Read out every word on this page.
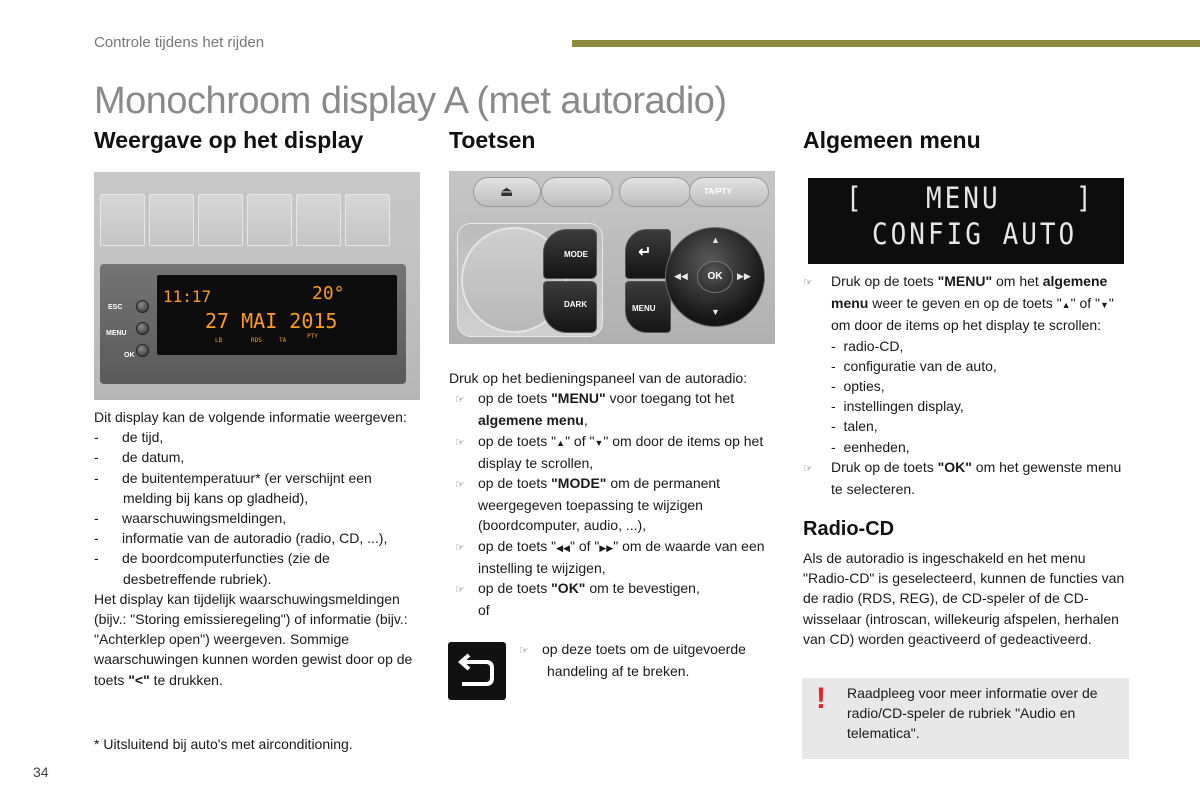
Controle tijdens het rijden
Monochroom display A (met autoradio)
Weergave op het display
ESC
MENU
OK
11:17	20°
27 MAI 2015
LB	RDS	TA
PTY

Dit display kan de volgende informatie weergeven:

-      de tijd,

-      de datum,

-      de buitentemperatuur* (er verschijnt een melding bij kans op gladheid),

-      waarschuwingsmeldingen,

-      informatie van de autoradio (radio, CD, ...),

-      de boordcomputerfuncties (zie de desbetreffende rubriek).

Het display kan tijdelijk waarschuwingsmeldingen (bijv.: "Storing emissieregeling") of informatie (bijv.: "Achterklep open") weergeven. Sommige waarschuwingen kunnen worden gewist door op de toets "<" te drukken.

* Uitsluitend bij auto's met airconditioning.
Toetsen
⏏	TA/PTY
MODE
DARK
↵
MENU
▲
▼
◀◀	▶▶
OK

Druk op het bedieningspaneel van de autoradio:

☞ op de toets "MENU" voor toegang tot het algemene menu,

☞ op de toets "▲" of "▼" om door de items op het display te scrollen,

☞ op de toets "MODE" om de permanent weergegeven toepassing te wijzigen (boordcomputer, audio, ...),

☞ op de toets "◀◀" of "▶▶" om de waarde van een instelling te wijzigen,

☞ op de toets "OK" om te bevestigen,

of

☞ op deze toets om de uitgevoerde handeling af te breken.
Algemeen menu
[ MENU	]
CONFIG AUTO

☞ Druk op de toets "MENU" om het algemene menu weer te geven en op de toets "▲" of "▼" om door de items op het display te scrollen:

-  radio-CD,

-  configuratie van de auto,

-  opties,

-  instellingen display,

-  talen,

-  eenheden,

☞ Druk op de toets "OK" om het gewenste menu te selecteren.

Radio-CD

Als de autoradio is ingeschakeld en het menu "Radio-CD" is geselecteerd, kunnen de functies van de radio (RDS, REG), de CD-speler of de CD-wisselaar (introscan, willekeurig afspelen, herhalen van CD) worden geactiveerd of gedeactiveerd.

! Raadpleeg voor meer informatie over de radio/CD-speler de rubriek "Audio en telematica".

34
